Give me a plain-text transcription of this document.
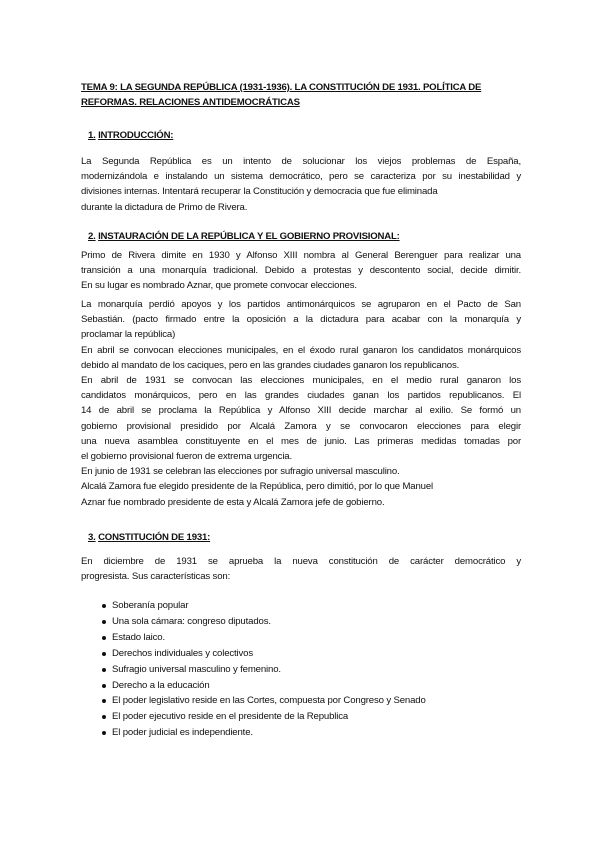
TEMA 9: LA SEGUNDA REPÚBLICA (1931-1936). LA CONSTITUCIÓN DE 1931. POLÍTICA DE
REFORMAS. RELACIONES ANTIDEMOCRÁTICAS
1. INTRODUCCIÓN:
La Segunda República es un intento de solucionar los viejos problemas de España,
modernizándola e instalando un sistema democrático, pero se caracteriza por su inestabilidad y
divisiones internas. Intentará recuperar la Constitución y democracia que fue eliminada
durante la dictadura de Primo de Rivera.
2. INSTAURACIÓN DE LA REPÚBLICA Y EL GOBIERNO PROVISIONAL:
Primo de Rivera dimite en 1930 y Alfonso XIII nombra al General Berenguer para realizar una
transición a una monarquía tradicional. Debido a protestas y descontento social, decide dimitir.
En su lugar es nombrado Aznar, que promete convocar elecciones.
La monarquía perdió apoyos y los partidos antimonárquicos se agruparon en el Pacto de San
Sebastián. (pacto firmado entre la oposición a la dictadura para acabar con la monarquía y
proclamar la república)
En abril se convocan elecciones municipales, en el éxodo rural ganaron los candidatos monárquicos
debido al mandato de los caciques, pero en las grandes ciudades ganaron los republicanos.
En abril de 1931 se convocan las elecciones municipales, en el medio rural ganaron los
candidatos monárquicos, pero en las grandes ciudades ganan los partidos republicanos. El
14 de abril se proclama la República y Alfonso XIII decide marchar al exilio. Se formó un
gobierno provisional presidido por Alcalá Zamora y se convocaron elecciones para elegir
una nueva asamblea constituyente en el mes de junio. Las primeras medidas tomadas por
el gobierno provisional fueron de extrema urgencia.
En junio de 1931 se celebran las elecciones por sufragio universal masculino.
Alcalá Zamora fue elegido presidente de la República, pero dimitió, por lo que Manuel
Aznar fue nombrado presidente de esta y Alcalá Zamora jefe de gobierno.
3. CONSTITUCIÓN DE 1931:
En diciembre de 1931 se aprueba la nueva constitución de carácter democrático y
progresista. Sus características son:
Soberanía popular
Una sola cámara: congreso diputados.
Estado laico.
Derechos individuales y colectivos
Sufragio universal masculino y femenino.
Derecho a la educación
El poder legislativo reside en las Cortes, compuesta por Congreso y Senado
El poder ejecutivo reside en el presidente de la Republica
El poder judicial es independiente.
